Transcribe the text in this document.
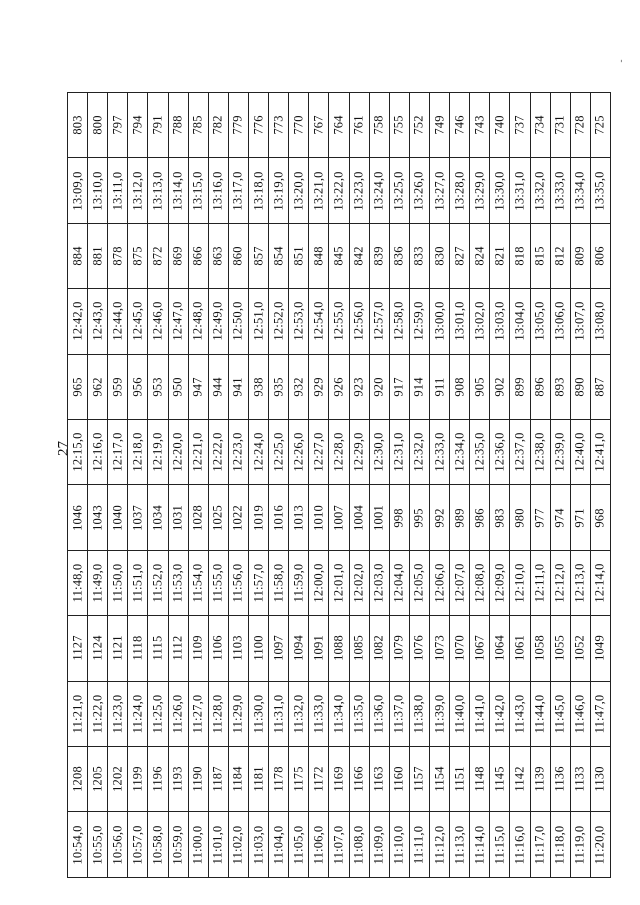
27
-
803	800	797	794	791	788	785	782	779	776	773	770	767	764	761	758	755	752	749	746	743	740	737	734	731	728	725

13:09,0	13:10,0	13:11,0	13:12,0	13:13,0	13:14,0	13:15,0	13:16,0	13:17,0	13:18,0	13:19,0	13:20,0	13:21,0	13:22,0	13:23,0	13:24,0	13:25,0	13:26,0	13:27,0	13:28,0	13:29,0	13:30,0	13:31,0	13:32,0	13:33,0	13:34,0	13:35,0

884	881	878	875	872	869	866	863	860	857	854	851	848	845	842	839	836	833	830	827	824	821	818	815	812	809	806

12:42,0	12:43,0	12:44,0	12:45,0	12:46,0	12:47,0	12:48,0	12:49,0	12:50,0	12:51,0	12:52,0	12:53,0	12:54,0	12:55,0	12:56,0	12:57,0	12:58,0	12:59,0	13:00,0	13:01,0	13:02,0	13:03,0	13:04,0	13:05,0	13:06,0	13:07,0	13:08,0

965	962	959	956	953	950	947	944	941	938	935	932	929	926	923	920	917	914	911	908	905	902	899	896	893	890	887

12:15,0	12:16,0	12:17,0	12:18,0	12:19,0	12:20,0	12:21,0	12:22,0	12:23,0	12:24,0	12:25,0	12:26,0	12:27,0	12:28,0	12:29,0	12:30,0	12:31,0	12:32,0	12:33,0	12:34,0	12:35,0	12:36,0	12:37,0	12:38,0	12:39,0	12:40,0	12:41,0

1046	1043	1040	1037	1034	1031	1028	1025	1022	1019	1016	1013	1010	1007	1004	1001	998	995	992	989	986	983	980	977	974	971	968

11:48,0	11:49,0	11:50,0	11:51,0	11:52,0	11:53,0	11:54,0	11:55,0	11:56,0	11:57,0	11:58,0	11:59,0	12:00,0	12:01,0	12:02,0	12:03,0	12:04,0	12:05,0	12:06,0	12:07,0	12:08,0	12:09,0	12:10,0	12:11,0	12:12,0	12:13,0	12:14,0

1127	1124	1121	1118	1115	1112	1109	1106	1103	1100	1097	1094	1091	1088	1085	1082	1079	1076	1073	1070	1067	1064	1061	1058	1055	1052	1049

11:21,0	11:22,0	11:23,0	11:24,0	11:25,0	11:26,0	11:27,0	11:28,0	11:29,0	11:30,0	11:31,0	11:32,0	11:33,0	11:34,0	11:35,0	11:36,0	11:37,0	11:38,0	11:39,0	11:40,0	11:41,0	11:42,0	11:43,0	11:44,0	11:45,0	11:46,0	11:47,0

1208	1205	1202	1199	1196	1193	1190	1187	1184	1181	1178	1175	1172	1169	1166	1163	1160	1157	1154	1151	1148	1145	1142	1139	1136	1133	1130

10:54,0	10:55,0	10:56,0	10:57,0	10:58,0	10:59,0	11:00,0	11:01,0	11:02,0	11:03,0	11:04,0	11:05,0	11:06,0	11:07,0	11:08,0	11:09,0	11:10,0	11:11,0	11:12,0	11:13,0	11:14,0	11:15,0	11:16,0	11:17,0	11:18,0	11:19,0	11:20,0
